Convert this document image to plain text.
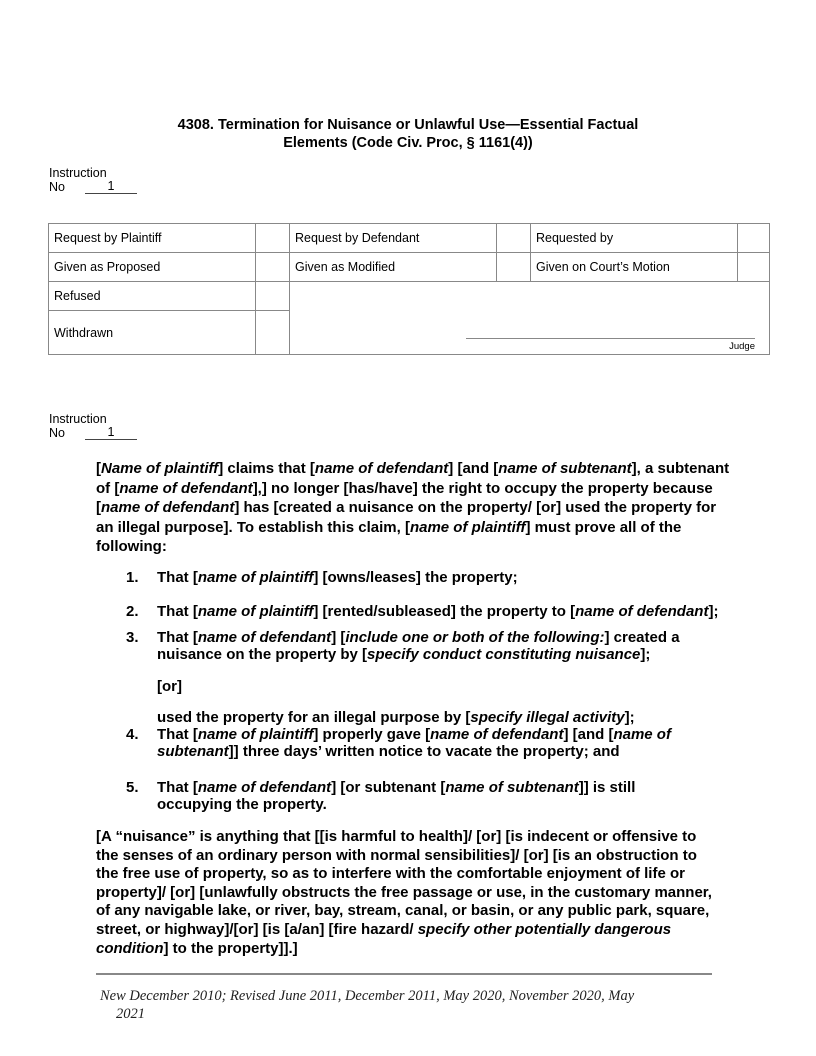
4308. Termination for Nuisance or Unlawful Use—Essential Factual
Elements (Code Civ. Proc, § 1161(4))
Instruction
No	1
Request by Plaintiff		Request by Defendant		Requested by	
Given as Proposed		Given as Modified		Given on Court’s Motion	
Refused		Judge			

Withdrawn					
Instruction
No	1
[Name of plaintiff] claims that [name of defendant] [and [name of subtenant], a subtenant of [name of defendant],] no longer [has/have] the right to occupy the property because [name of defendant] has [created a nuisance on the property/ [or] used the property for an illegal purpose]. To establish this claim, [name of plaintiff] must prove all of the following:
1.	That [name of plaintiff] [owns/leases] the property;
2.	That [name of plaintiff] [rented/subleased] the property to [name of defendant];
3.	That [name of defendant] [include one or both of the following:] created a nuisance on the property by [specify conduct constituting nuisance];
[or]
used the property for an illegal purpose by [specify illegal activity];
4.	That [name of plaintiff] properly gave [name of defendant] [and [name of subtenant]] three days’ written notice to vacate the property; and
5.	That [name of defendant] [or subtenant [name of subtenant]] is still occupying the property.
[A “nuisance” is anything that [[is harmful to health]/ [or] [is indecent or offensive to the senses of an ordinary person with normal sensibilities]/ [or] [is an obstruction to the free use of property, so as to interfere with the comfortable enjoyment of life or property]/ [or] [unlawfully obstructs the free passage or use, in the customary manner, of any navigable lake, or river, bay, stream, canal, or basin, or any public park, square, street, or highway]/[or] [is [a/an] [fire hazard/ specify other potentially dangerous condition] to the property]].]
New December 2010; Revised June 2011, December 2011, May 2020, November 2020, May
2021
